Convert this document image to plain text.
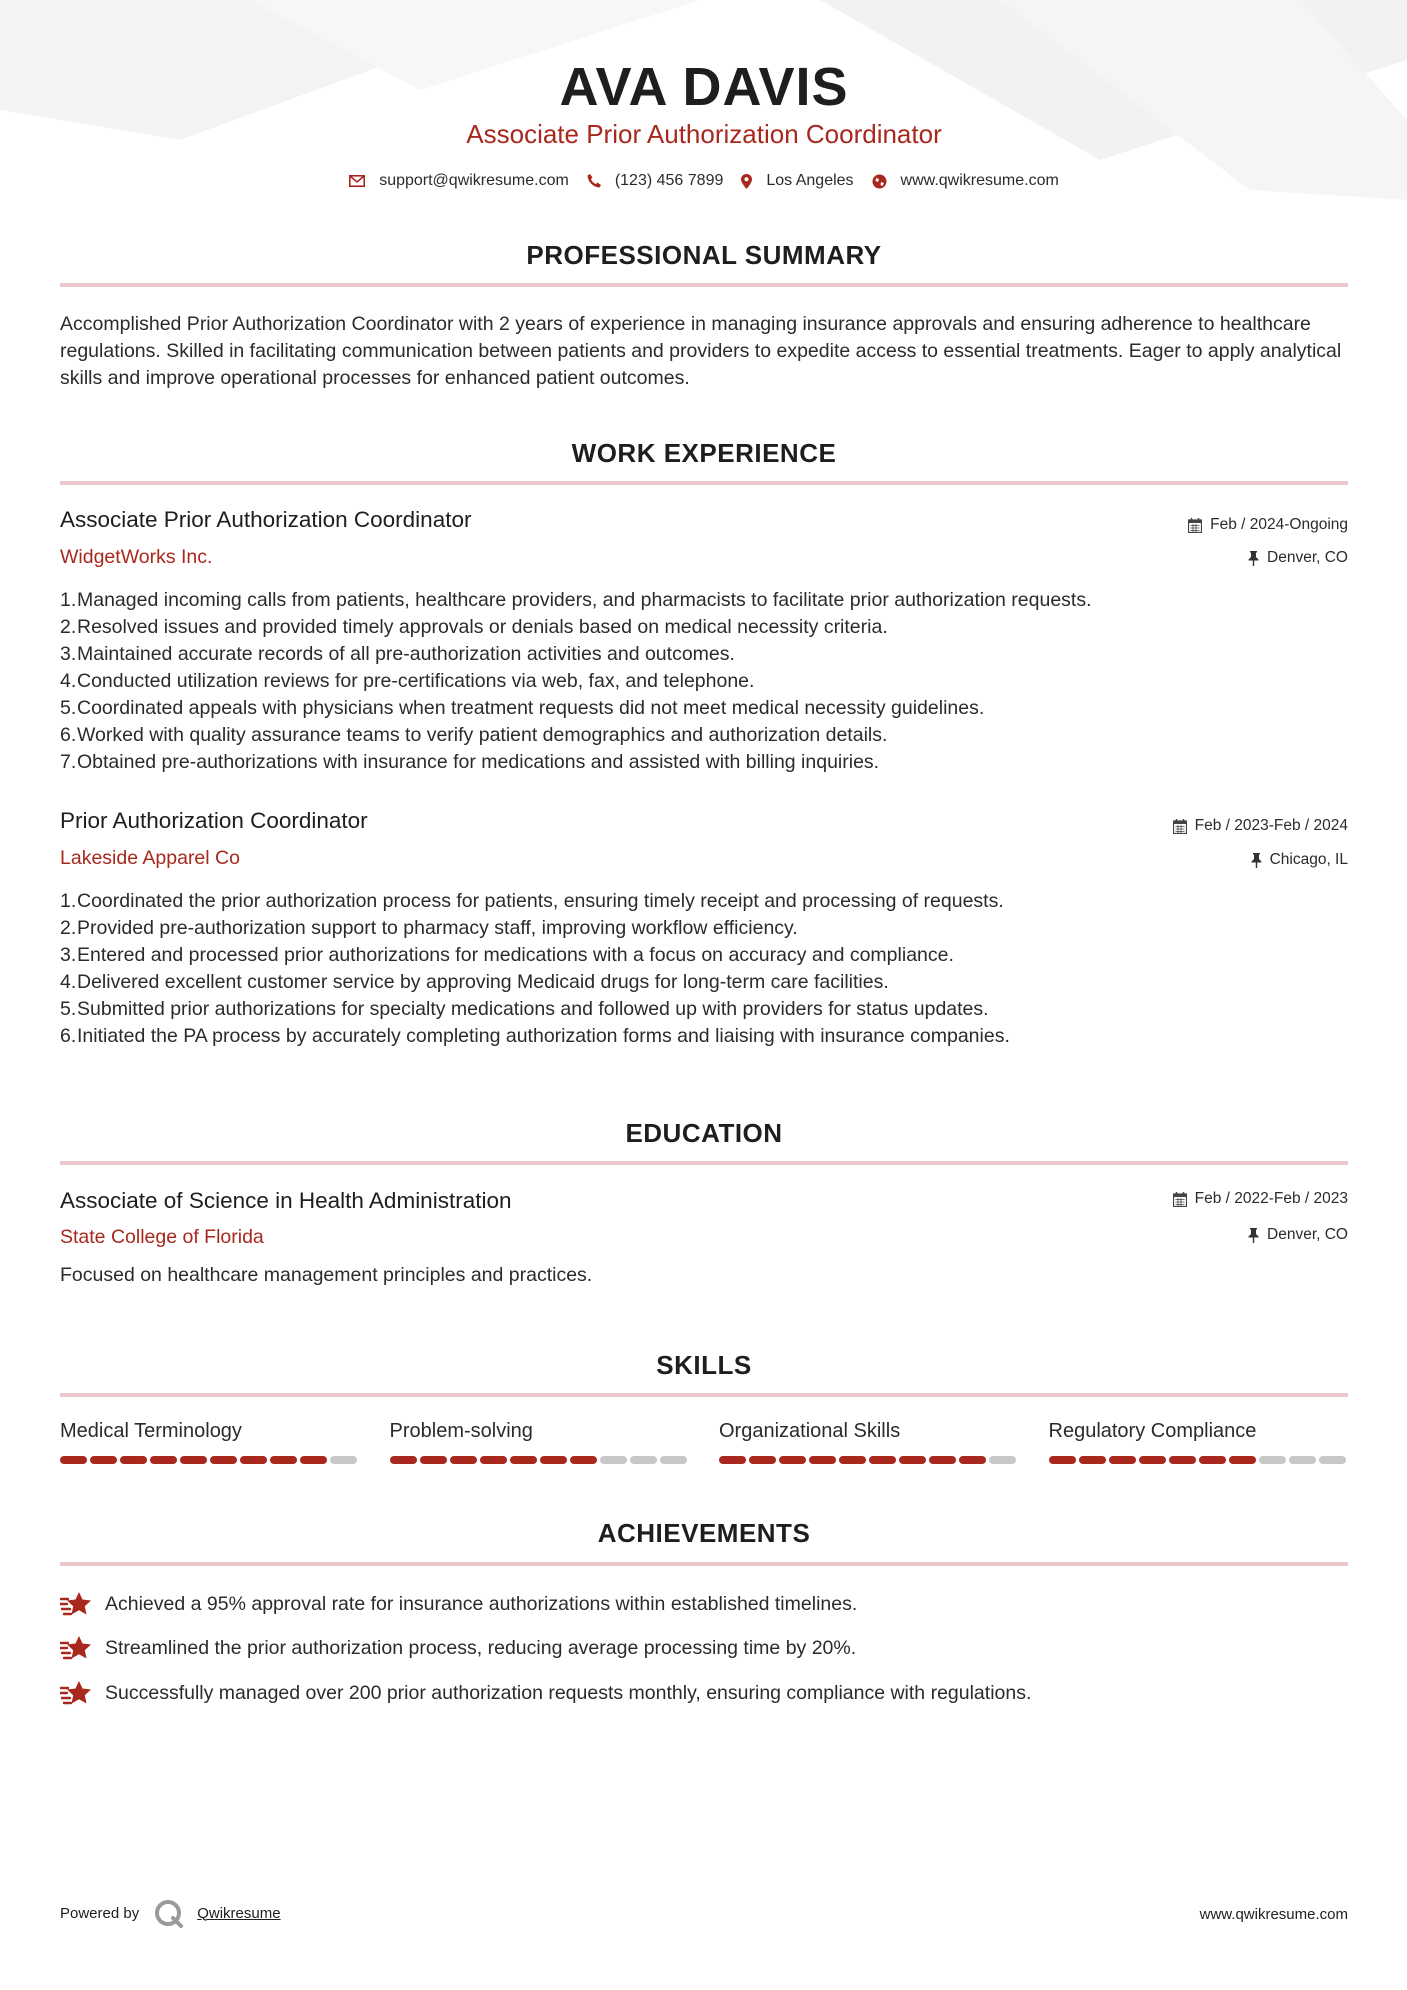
AVA DAVIS
Associate Prior Authorization Coordinator
support@qwikresume.com	(123) 456 7899	Los Angeles	www.qwikresume.com
PROFESSIONAL SUMMARY
Accomplished Prior Authorization Coordinator with 2 years of experience in managing insurance approvals and ensuring adherence to healthcare regulations. Skilled in facilitating communication between patients and providers to expedite access to essential treatments. Eager to apply analytical skills and improve operational processes for enhanced patient outcomes.
WORK EXPERIENCE
Associate Prior Authorization Coordinator	Feb / 2024-Ongoing
WidgetWorks Inc.	Denver, CO
1. Managed incoming calls from patients, healthcare providers, and pharmacists to facilitate prior authorization requests.
2. Resolved issues and provided timely approvals or denials based on medical necessity criteria.
3. Maintained accurate records of all pre-authorization activities and outcomes.
4. Conducted utilization reviews for pre-certifications via web, fax, and telephone.
5. Coordinated appeals with physicians when treatment requests did not meet medical necessity guidelines.
6. Worked with quality assurance teams to verify patient demographics and authorization details.
7. Obtained pre-authorizations with insurance for medications and assisted with billing inquiries.
Prior Authorization Coordinator	Feb / 2023-Feb / 2024
Lakeside Apparel Co	Chicago, IL
1. Coordinated the prior authorization process for patients, ensuring timely receipt and processing of requests.
2. Provided pre-authorization support to pharmacy staff, improving workflow efficiency.
3. Entered and processed prior authorizations for medications with a focus on accuracy and compliance.
4. Delivered excellent customer service by approving Medicaid drugs for long-term care facilities.
5. Submitted prior authorizations for specialty medications and followed up with providers for status updates.
6. Initiated the PA process by accurately completing authorization forms and liaising with insurance companies.
EDUCATION
Associate of Science in Health Administration	Feb / 2022-Feb / 2023
State College of Florida	Denver, CO
Focused on healthcare management principles and practices.
SKILLS
Medical Terminology	Problem-solving	Organizational Skills	Regulatory Compliance
ACHIEVEMENTS
Achieved a 95% approval rate for insurance authorizations within established timelines.
Streamlined the prior authorization process, reducing average processing time by 20%.
Successfully managed over 200 prior authorization requests monthly, ensuring compliance with regulations.
Powered by	Qwikresume	www.qwikresume.com
